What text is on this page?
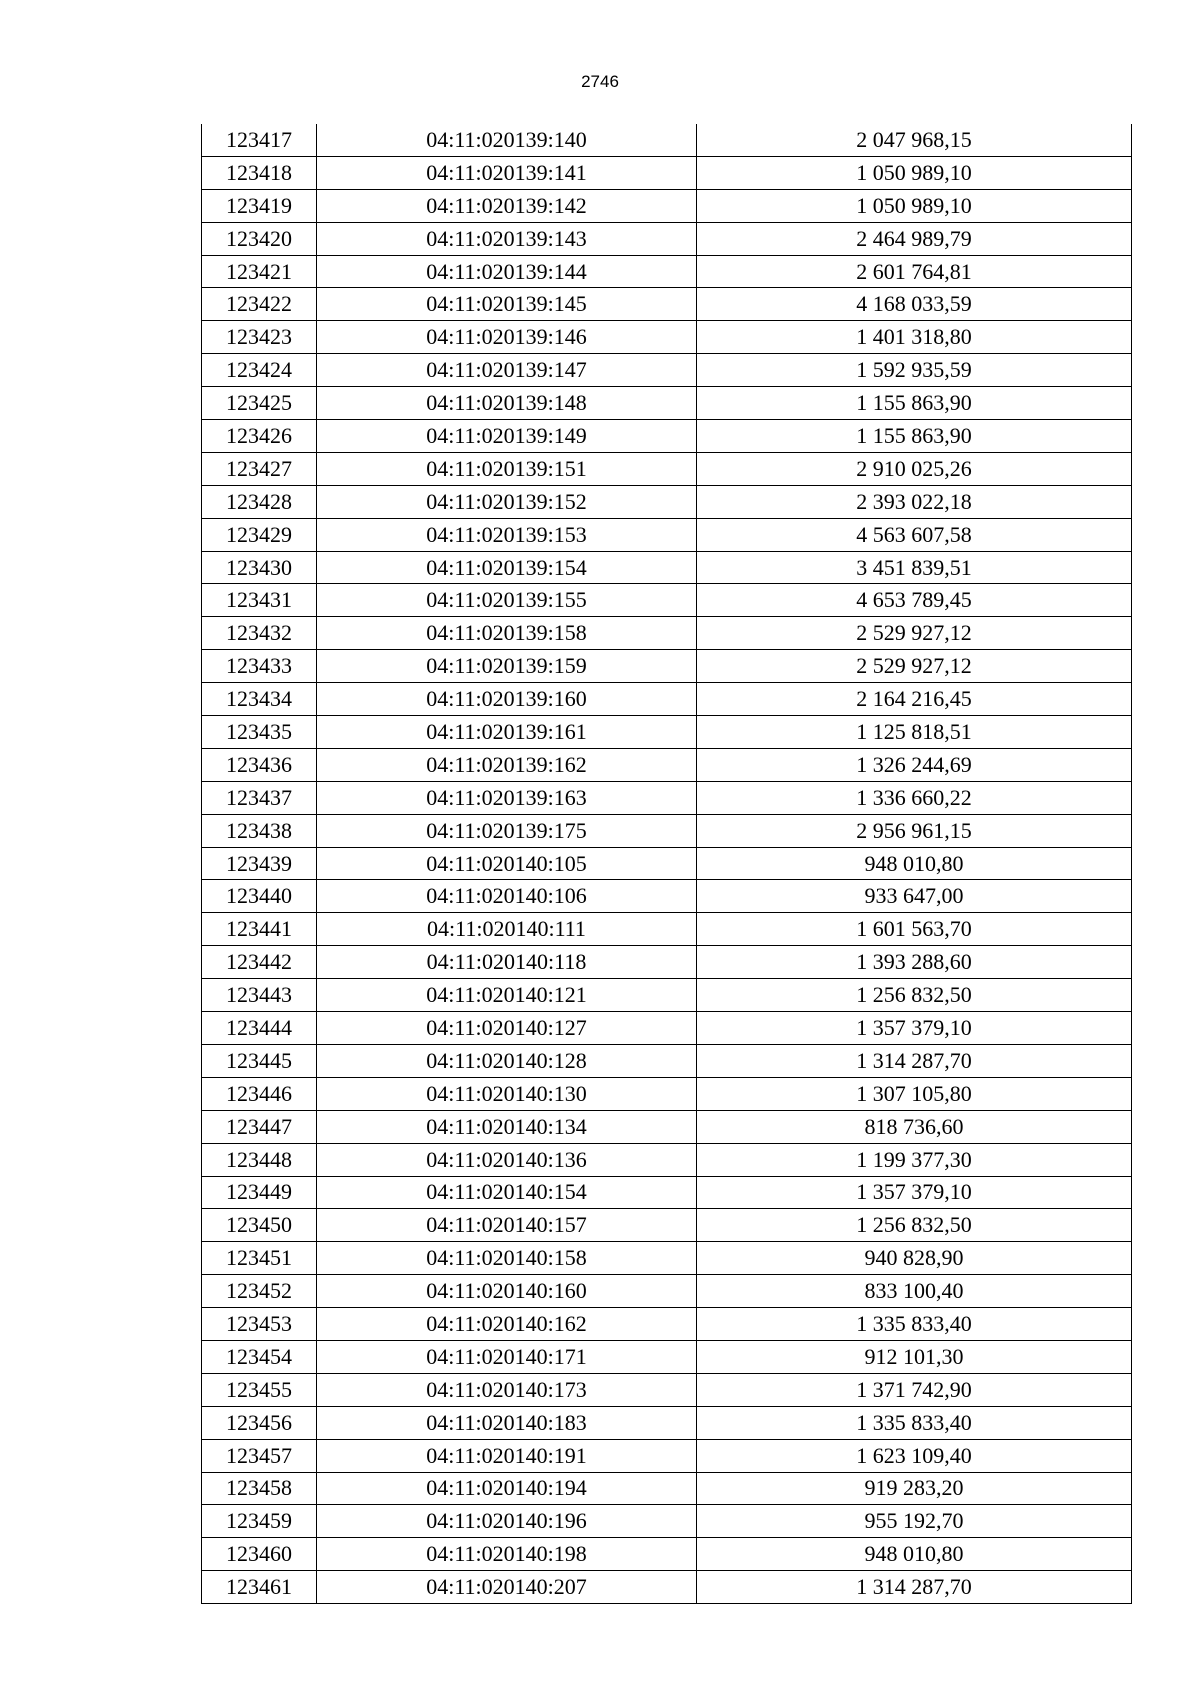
2746
123417	04:11:020139:140	2 047 968,15
123418	04:11:020139:141	1 050 989,10
123419	04:11:020139:142	1 050 989,10
123420	04:11:020139:143	2 464 989,79
123421	04:11:020139:144	2 601 764,81
123422	04:11:020139:145	4 168 033,59
123423	04:11:020139:146	1 401 318,80
123424	04:11:020139:147	1 592 935,59
123425	04:11:020139:148	1 155 863,90
123426	04:11:020139:149	1 155 863,90
123427	04:11:020139:151	2 910 025,26
123428	04:11:020139:152	2 393 022,18
123429	04:11:020139:153	4 563 607,58
123430	04:11:020139:154	3 451 839,51
123431	04:11:020139:155	4 653 789,45
123432	04:11:020139:158	2 529 927,12
123433	04:11:020139:159	2 529 927,12
123434	04:11:020139:160	2 164 216,45
123435	04:11:020139:161	1 125 818,51
123436	04:11:020139:162	1 326 244,69
123437	04:11:020139:163	1 336 660,22
123438	04:11:020139:175	2 956 961,15
123439	04:11:020140:105	948 010,80
123440	04:11:020140:106	933 647,00
123441	04:11:020140:111	1 601 563,70
123442	04:11:020140:118	1 393 288,60
123443	04:11:020140:121	1 256 832,50
123444	04:11:020140:127	1 357 379,10
123445	04:11:020140:128	1 314 287,70
123446	04:11:020140:130	1 307 105,80
123447	04:11:020140:134	818 736,60
123448	04:11:020140:136	1 199 377,30
123449	04:11:020140:154	1 357 379,10
123450	04:11:020140:157	1 256 832,50
123451	04:11:020140:158	940 828,90
123452	04:11:020140:160	833 100,40
123453	04:11:020140:162	1 335 833,40
123454	04:11:020140:171	912 101,30
123455	04:11:020140:173	1 371 742,90
123456	04:11:020140:183	1 335 833,40
123457	04:11:020140:191	1 623 109,40
123458	04:11:020140:194	919 283,20
123459	04:11:020140:196	955 192,70
123460	04:11:020140:198	948 010,80
123461	04:11:020140:207	1 314 287,70
